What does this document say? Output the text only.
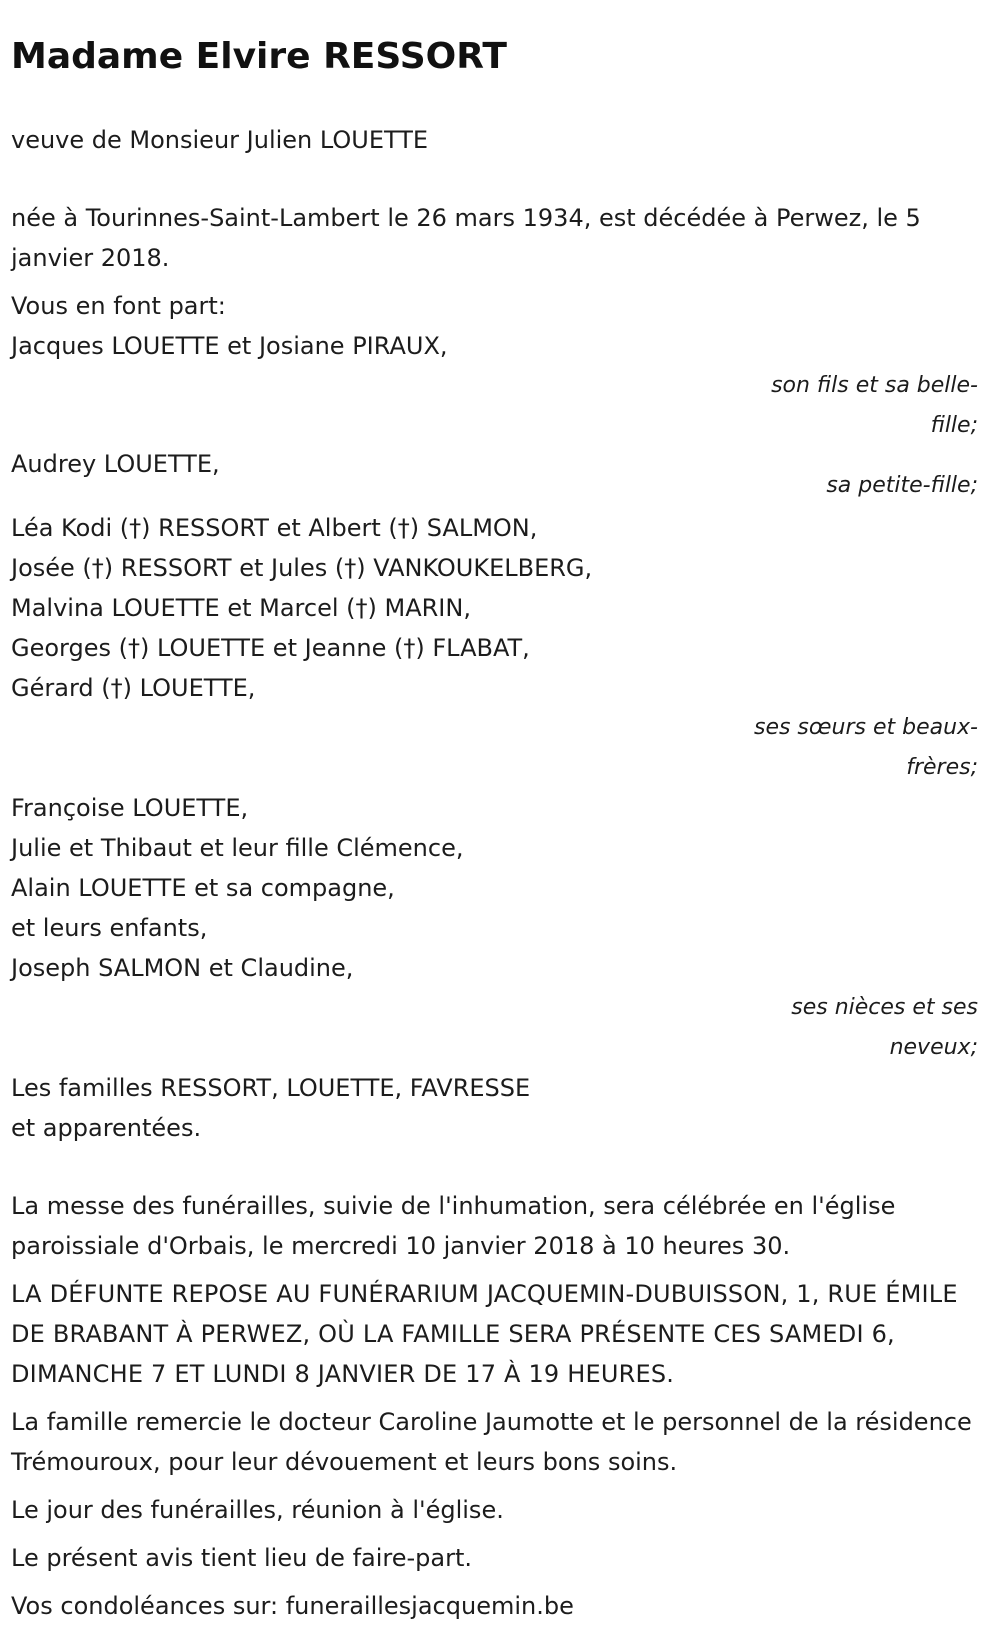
Madame Elvire RESSORT

veuve de Monsieur Julien LOUETTE

née à Tourinnes-Saint-Lambert le 26 mars 1934, est décédée à Perwez, le 5 janvier 2018.

Vous en font part:

Jacques LOUETTE et Josiane PIRAUX,
son fils et sa belle-fille;
Audrey LOUETTE,
sa petite-fille;
Léa Kodi (†) RESSORT et Albert (†) SALMON,
Josée (†) RESSORT et Jules (†) VANKOUKELBERG,
Malvina LOUETTE et Marcel (†) MARIN,
Georges (†) LOUETTE et Jeanne (†) FLABAT,
Gérard (†) LOUETTE,
ses sœurs et beaux-frères;
Françoise LOUETTE,
Julie et Thibaut et leur fille Clémence,
Alain LOUETTE et sa compagne,
et leurs enfants,
Joseph SALMON et Claudine,
ses nièces et ses neveux;
Les familles RESSORT, LOUETTE, FAVRESSE
et apparentées.

La messe des funérailles, suivie de l'inhumation, sera célébrée en l'église paroissiale d'Orbais, le mercredi 10 janvier 2018 à 10 heures 30.

LA DÉFUNTE REPOSE AU FUNÉRARIUM JACQUEMIN-DUBUISSON, 1, RUE ÉMILE DE BRABANT À PERWEZ, OÙ LA FAMILLE SERA PRÉSENTE CES SAMEDI 6, DIMANCHE 7 ET LUNDI 8 JANVIER DE 17 À 19 HEURES.

La famille remercie le docteur Caroline Jaumotte et le personnel de la résidence Trémouroux, pour leur dévouement et leurs bons soins.

Le jour des funérailles, réunion à l'église.

Le présent avis tient lieu de faire-part.

Vos condoléances sur: funeraillesjacquemin.be
